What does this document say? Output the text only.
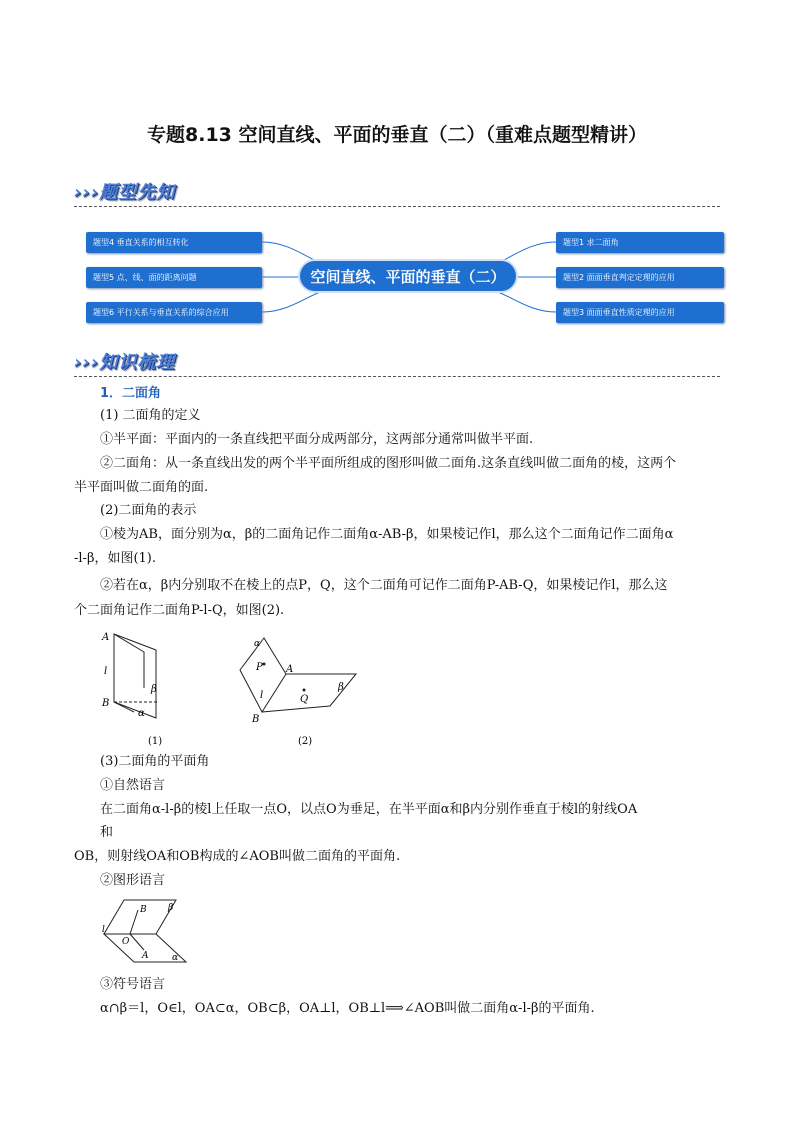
专题8.13 空间直线、平面的垂直（二）（重难点题型精讲）
›››题型先知
题型4 垂直关系的相互转化
题型5 点、线、面的距离问题
题型6 平行关系与垂直关系的综合应用
空间直线、平面的垂直（二）
题型1 求二面角
题型2 面面垂直判定定理的应用
题型3 面面垂直性质定理的应用
›››知识梳理
1．二面角
(1) 二面角的定义
①半平面：平面内的一条直线把平面分成两部分，这两部分通常叫做半平面.
②二面角：从一条直线出发的两个半平面所组成的图形叫做二面角.这条直线叫做二面角的棱，这两个
半平面叫做二面角的面.
(2)二面角的表示
①棱为AB，面分别为α，β的二面角记作二面角α-AB-β，如果棱记作l，那么这个二面角记作二面角α
-l-β，如图(1).
②若在α，β内分别取不在棱上的点P，Q，这个二面角可记作二面角P-AB-Q，如果棱记作l，那么这
个二面角记作二面角P-l-Q，如图(2).
A
l
B
β
α
(1)
P
α
A
l	Q
β
B
(2)
(3)二面角的平面角
①自然语言
在二面角α-l-β的棱l上任取一点O，以点O为垂足，在半平面α和β内分别作垂直于棱l的射线OA
和
OB，则射线OA和OB构成的∠AOB叫做二面角的平面角.
②图形语言
l
B β
O
A	α
③符号语言
α∩β＝l，O∈l，OA⊂α，OB⊂β，OA⊥l，OB⊥l⟹∠AOB叫做二面角α-l-β的平面角.
